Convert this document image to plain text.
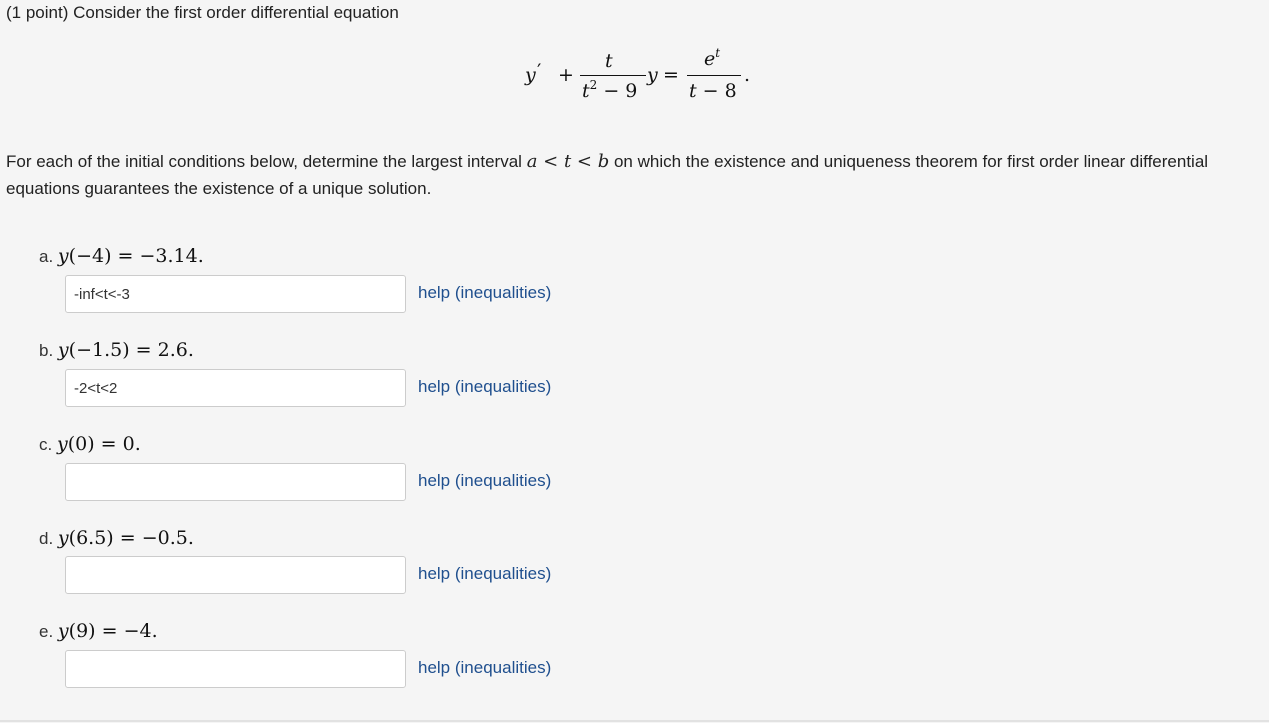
(1 point) Consider the first order differential equation
y ′ +
t
$t^2 - 9$
y =
$e^t$
t − 8
.
For each of the initial conditions below, determine the largest interval a < t < b on which the existence and uniqueness theorem for first order linear differential equations guarantees the existence of a unique solution.
a. y(−4) = −3.14.
-inf<t<-3
help (inequalities)
b. y(−1.5) = 2.6.
-2<t<2
help (inequalities)
c. y(0) = 0.
help (inequalities)
d. y(6.5) = −0.5.
help (inequalities)
e. y(9) = −4.
help (inequalities)
